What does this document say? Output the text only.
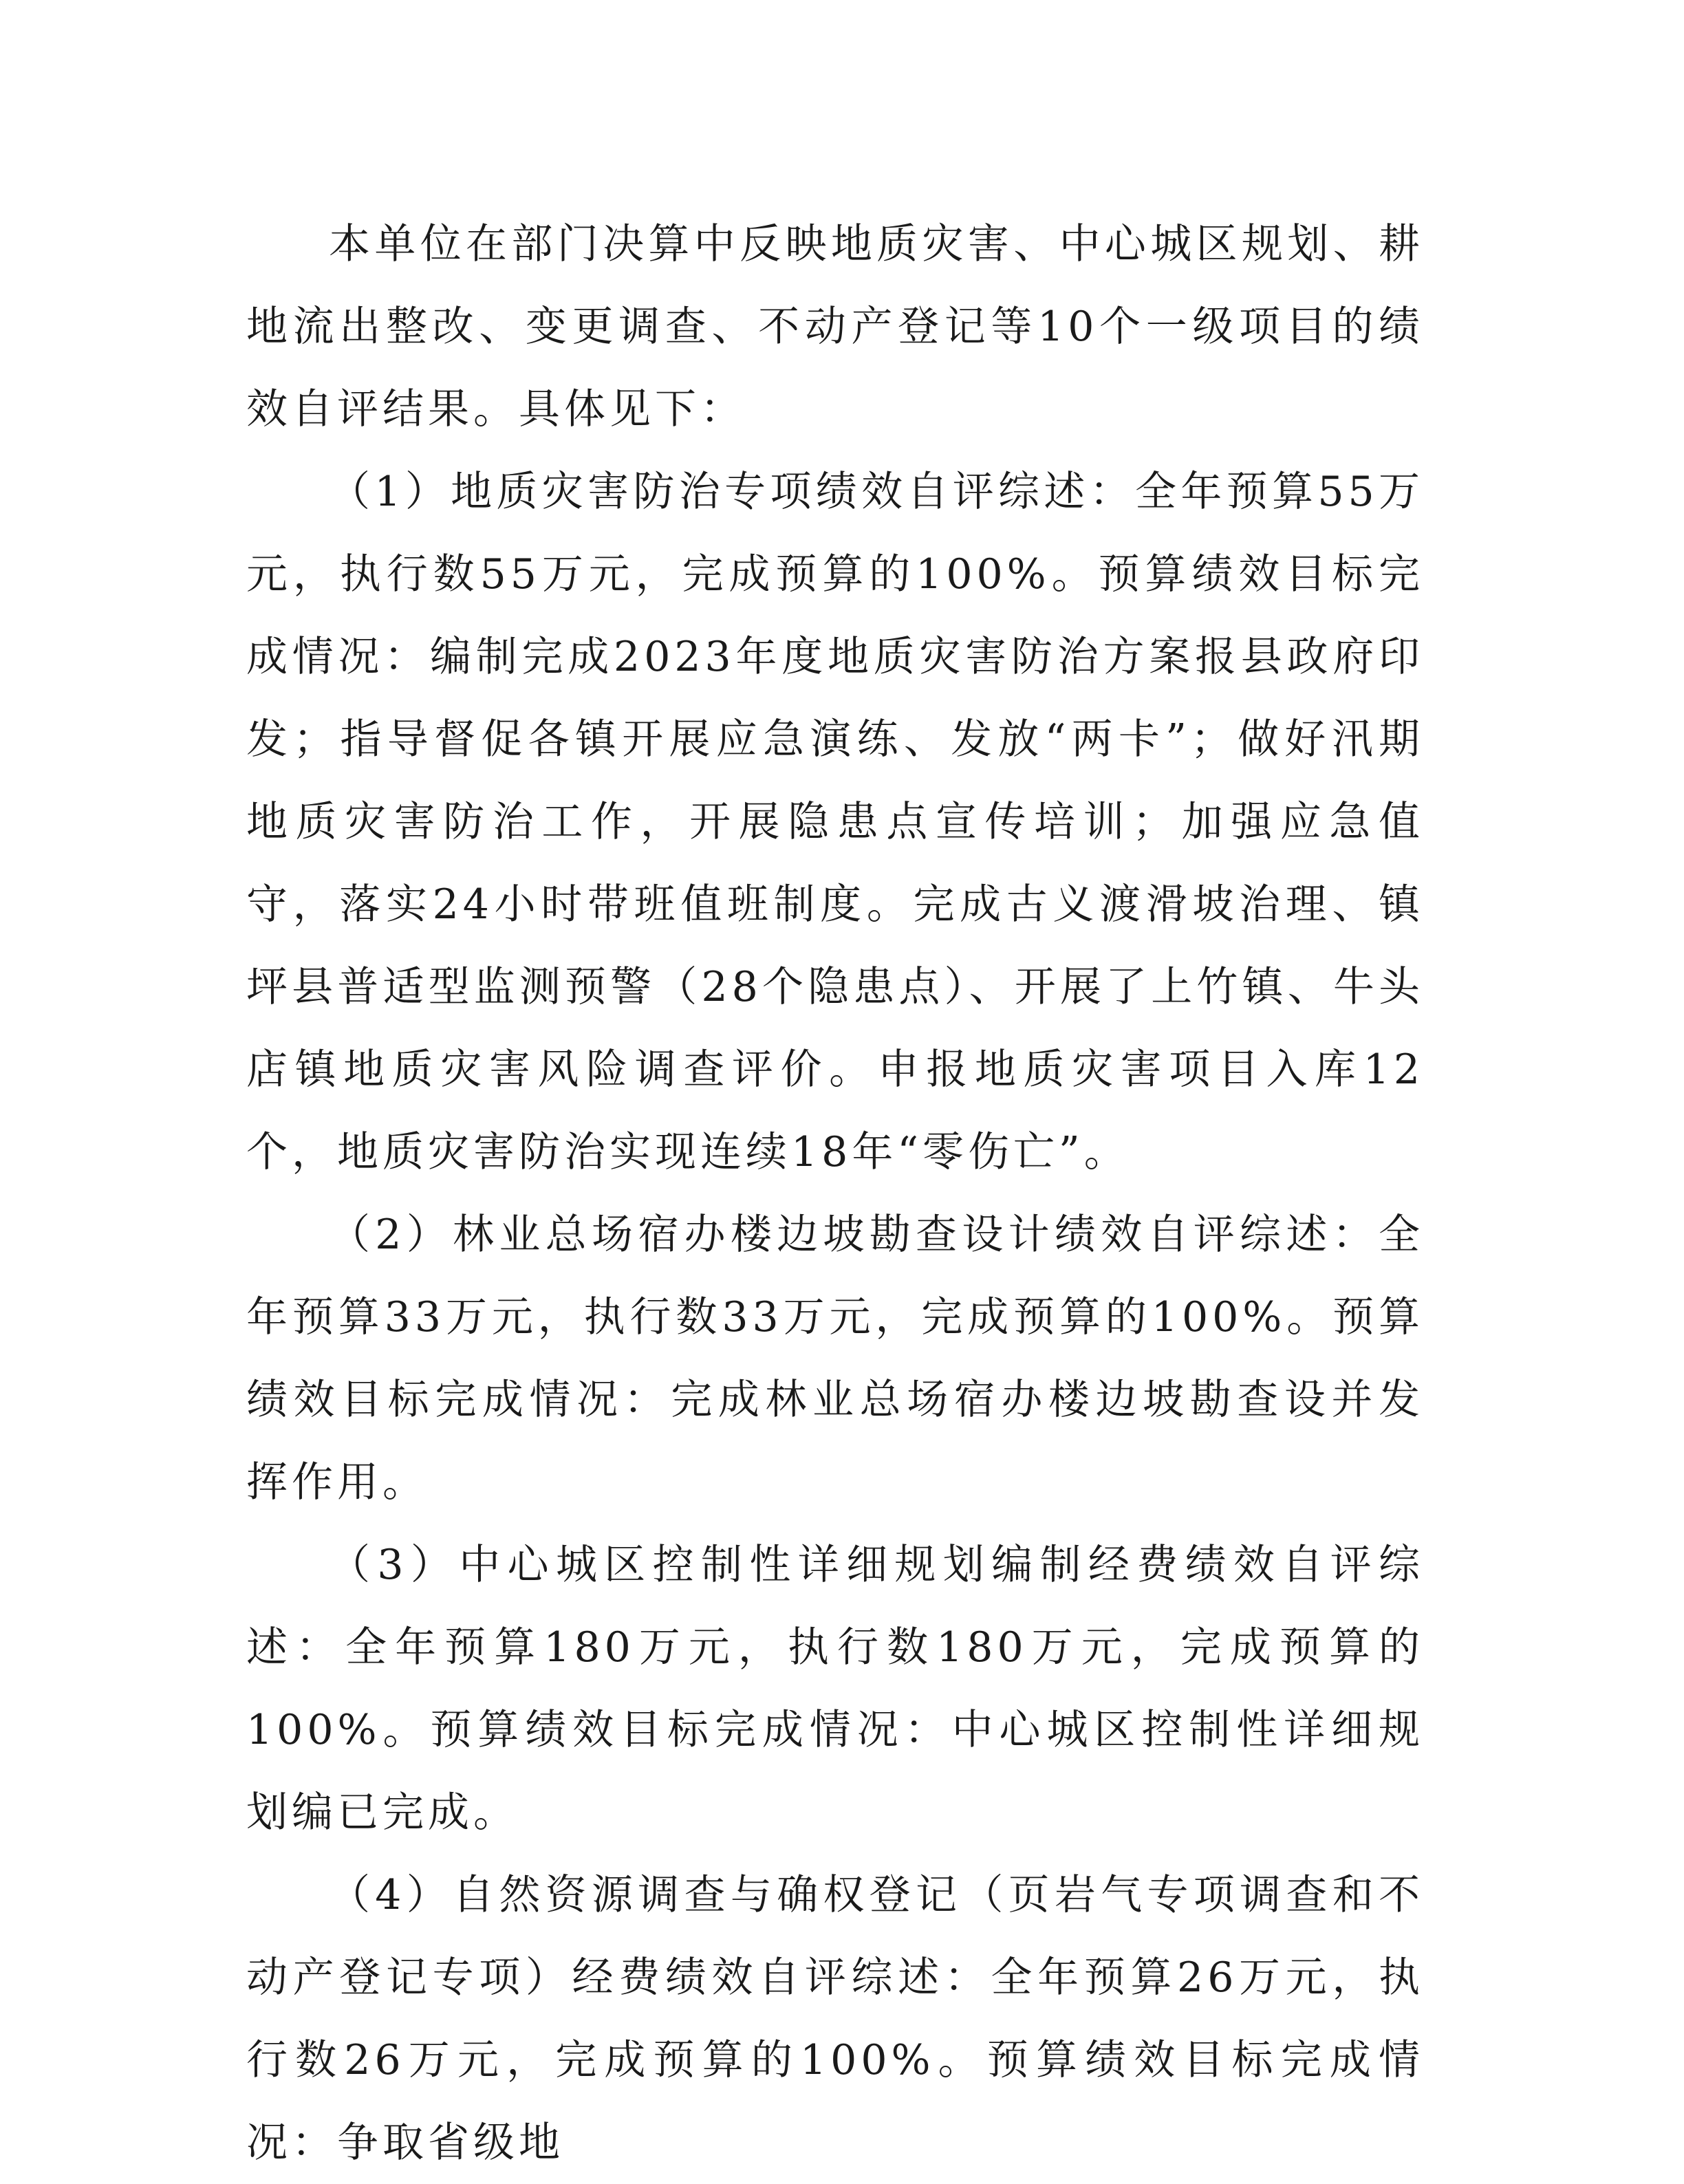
本单位在部门决算中反映地质灾害、中心城区规划、耕地流出整改、变更调查、不动产登记等10个一级项目的绩效自评结果。具体见下：

（1）地质灾害防治专项绩效自评综述：全年预算55万元，执行数55万元，完成预算的100%。预算绩效目标完成情况：编制完成2023年度地质灾害防治方案报县政府印发；指导督促各镇开展应急演练、发放“两卡”；做好汛期地质灾害防治工作，开展隐患点宣传培训；加强应急值守，落实24小时带班值班制度。完成古义渡滑坡治理、镇坪县普适型监测预警（28个隐患点）、开展了上竹镇、牛头店镇地质灾害风险调查评价。申报地质灾害项目入库12个，地质灾害防治实现连续18年“零伤亡”。

（2）林业总场宿办楼边坡勘查设计绩效自评综述：全年预算33万元，执行数33万元，完成预算的100%。预算绩效目标完成情况：完成林业总场宿办楼边坡勘查设并发挥作用。

（3）中心城区控制性详细规划编制经费绩效自评综述：全年预算180万元，执行数180万元，完成预算的100%。预算绩效目标完成情况：中心城区控制性详细规划编已完成。

（4）自然资源调查与确权登记（页岩气专项调查和不动产登记专项）经费绩效自评综述：全年预算26万元，执行数26万元，完成预算的100%。预算绩效目标完成情况：争取省级地
